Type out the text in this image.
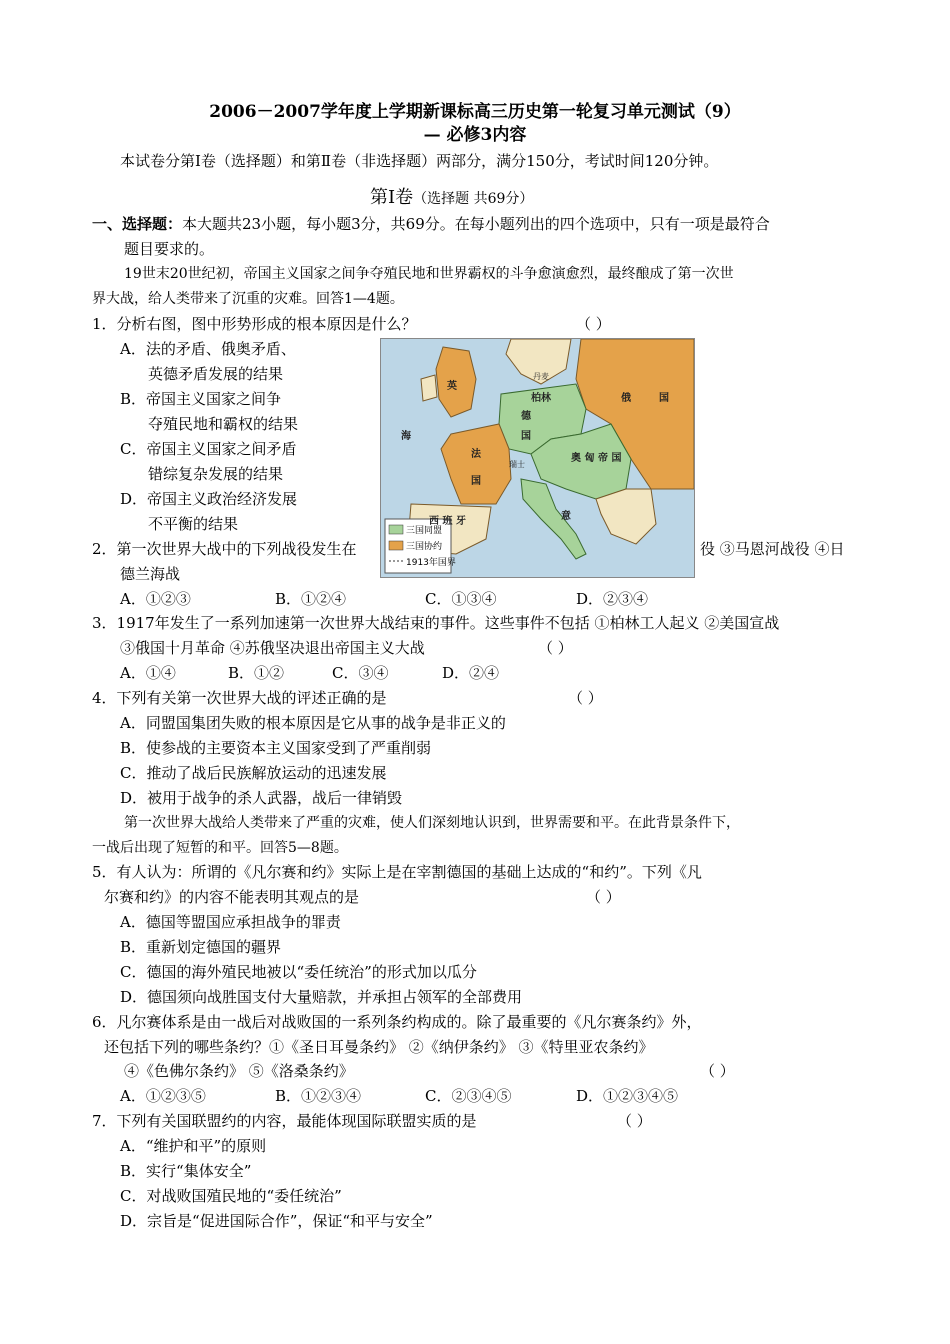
2006－2007学年度上学期新课标高三历史第一轮复习单元测试（9）
— 必修3内容
本试卷分第Ⅰ卷（选择题）和第Ⅱ卷（非选择题）两部分，满分150分，考试时间120分钟。
第Ⅰ卷（选择题 共69分）
一、选择题：本大题共23小题，每小题3分，共69分。在每小题列出的四个选项中，只有一项是最符合
题目要求的。
19世末20世纪初，帝国主义国家之间争夺殖民地和世界霸权的斗争愈演愈烈，最终酿成了第一次世
界大战，给人类带来了沉重的灾难。回答1—4题。
1．分析右图，图中形势形成的根本原因是什么？	（ ）
A．法的矛盾、俄奥矛盾、
英德矛盾发展的结果
B．帝国主义国家之间争
夺殖民地和霸权的结果
C．帝国主义国家之间矛盾
错综复杂发展的结果
D．帝国主义政治经济发展
不平衡的结果	三国同盟
三国协约
1913年国界
英
海
法
国
柏林
德
国
俄	国
奥 匈 帝 国
西 班 牙	意
丹麦
瑞士
2．第一次世界大战中的下列战役发生在	役 ③马恩河战役 ④日
德兰海战
A．①②③	B．①②④	C．①③④	D．②③④
3．1917年发生了一系列加速第一次世界大战结束的事件。这些事件不包括 ①柏林工人起义 ②美国宣战
③俄国十月革命 ④苏俄坚决退出帝国主义大战	（ ）
A．①④	B．①②	C．③④	D．②④
4．下列有关第一次世界大战的评述正确的是	（ ）
A．同盟国集团失败的根本原因是它从事的战争是非正义的
B．使参战的主要资本主义国家受到了严重削弱
C．推动了战后民族解放运动的迅速发展
D．被用于战争的杀人武器，战后一律销毁
第一次世界大战给人类带来了严重的灾难，使人们深刻地认识到，世界需要和平。在此背景条件下，
一战后出现了短暂的和平。回答5—8题。
5．有人认为：所谓的《凡尔赛和约》实际上是在宰割德国的基础上达成的“和约”。下列《凡
尔赛和约》的内容不能表明其观点的是	（ ）
A．德国等盟国应承担战争的罪责
B．重新划定德国的疆界
C．德国的海外殖民地被以“委任统治”的形式加以瓜分
D．德国须向战胜国支付大量赔款，并承担占领军的全部费用
6．凡尔赛体系是由一战后对战败国的一系列条约构成的。除了最重要的《凡尔赛条约》外，
还包括下列的哪些条约？①《圣日耳曼条约》 ②《纳伊条约》 ③《特里亚农条约》
④《色佛尔条约》 ⑤《洛桑条约》	（ ）
A．①②③⑤	B．①②③④	C．②③④⑤	D．①②③④⑤
7．下列有关国联盟约的内容，最能体现国际联盟实质的是	（ ）
A．“维护和平”的原则
B．实行“集体安全”
C．对战败国殖民地的“委任统治”
D．宗旨是“促进国际合作”，保证“和平与安全”
